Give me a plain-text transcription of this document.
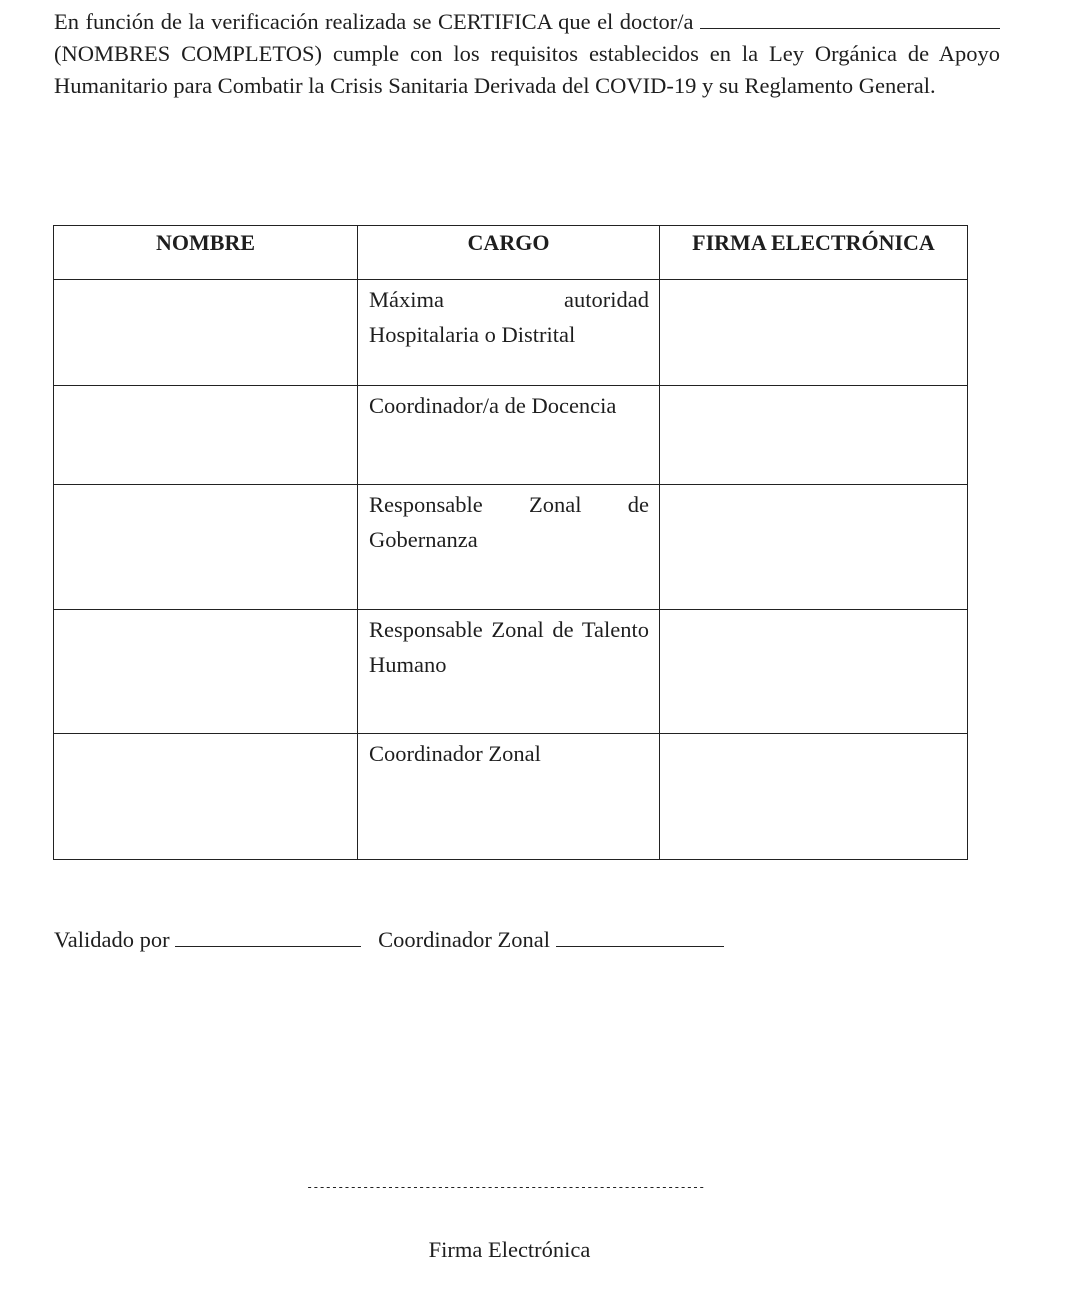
En función de la verificación realizada se CERTIFICA que el doctor/a  (NOMBRES COMPLETOS) cumple con los requisitos establecidos en la Ley Orgánica de Apoyo Humanitario para Combatir la Crisis Sanitaria Derivada del COVID-19 y su Reglamento General.
NOMBRE	CARGO	FIRMA ELECTRÓNICA
	Máxima autoridad Hospitalaria o Distrital	
	Coordinador/a de Docencia	
	Responsable Zonal de Gobernanza	
	Responsable Zonal de Talento Humano	
	Coordinador Zonal	
Validado por	Coordinador Zonal
----------------------------------------------------------------
Firma Electrónica
